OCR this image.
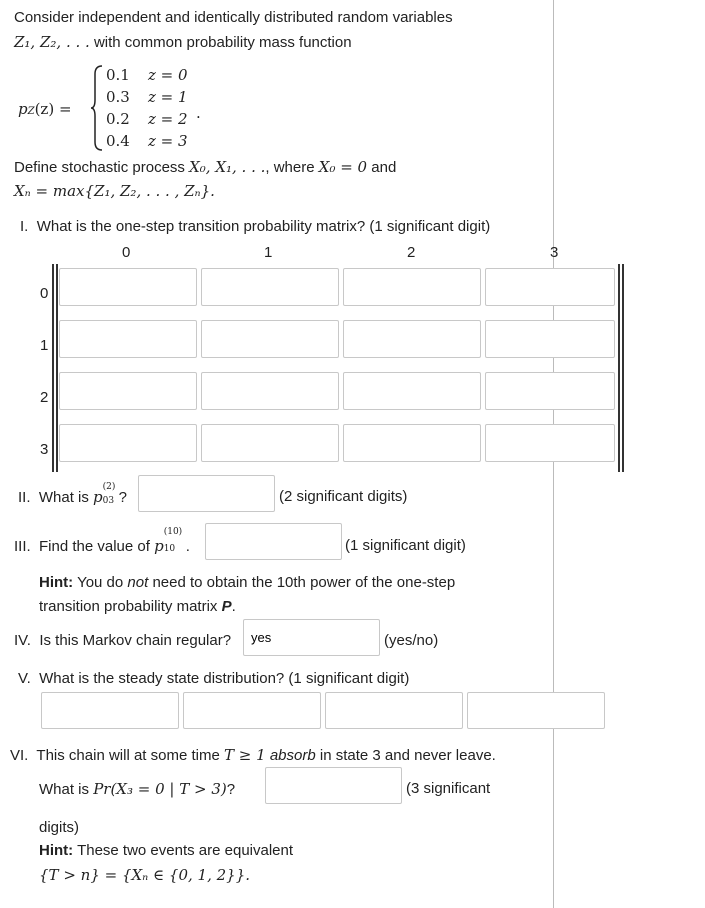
Consider independent and identically distributed random variables
Z₁, Z₂, . . . with common probability mass function
pZ(z) =
0.1 z = 0
0.3 z = 1
0.2 z = 2
0.4 z = 3
.
Define stochastic process X₀, X₁, . . ., where X₀ = 0 and
Xₙ = max{Z₁, Z₂, . . . , Zₙ}.
I. What is the one-step transition probability matrix? (1 significant digit)
0	1	2	3
0
1
2
3
II. What is p
(2)
03 ?	(2 significant digits)
III. Find the value of p
(10)
10 .	(1 significant digit)
Hint: You do not need to obtain the 10th power of the one-step
transition probability matrix P.
IV. Is this Markov chain regular?
yes	(yes/no)
V. What is the steady state distribution? (1 significant digit)
VI. This chain will at some time T ≥ 1 absorb in state 3 and never leave.
What is Pr(X₃ = 0 | T > 3)?	(3 significant
digits)
Hint: These two events are equivalent
{T > n} = {Xₙ ∈ {0, 1, 2}}.
